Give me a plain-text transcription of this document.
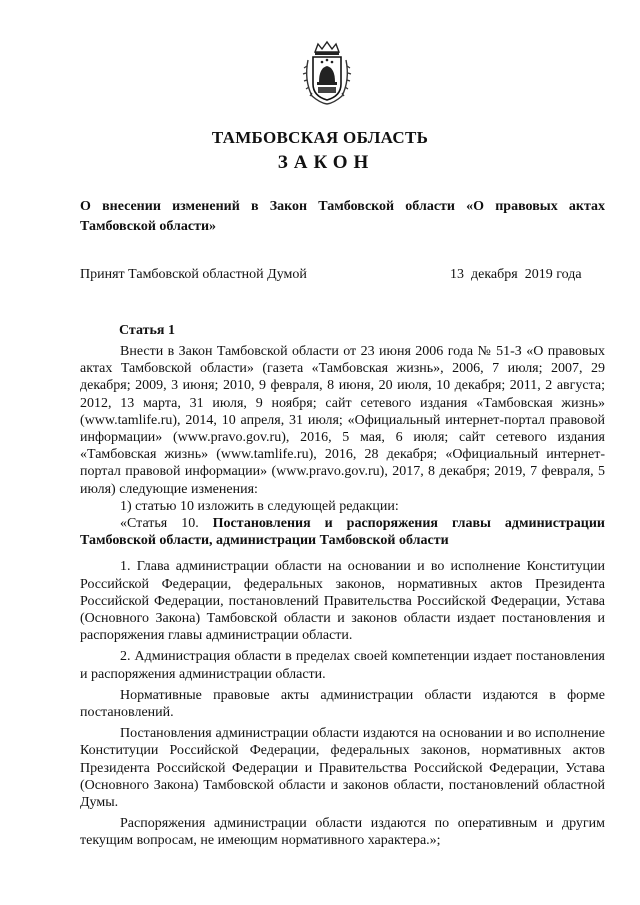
ТАМБОВСКАЯ ОБЛАСТЬ
ЗАКОН
О внесении изменений в Закон Тамбовской области «О правовых актах Тамбовской области»
Принят Тамбовской областной Думой	13  декабря  2019 года
Статья 1

Внести в Закон Тамбовской области от 23 июня 2006 года № 51-З «О правовых актах Тамбовской области» (газета «Тамбовская жизнь», 2006, 7 июля; 2007, 29 декабря; 2009, 3 июня; 2010, 9 февраля, 8 июня, 20 июля, 10 декабря; 2011, 2 августа; 2012, 13 марта, 31 июля, 9 ноября; сайт сетевого издания «Тамбовская жизнь» (www.tamlife.ru), 2014, 10 апреля, 31 июля; «Официальный интернет-портал правовой информации» (www.pravo.gov.ru), 2016, 5 мая, 6 июля; сайт сетевого издания «Тамбовская жизнь» (www.tamlife.ru), 2016, 28 декабря; «Официальный интернет-портал правовой информации» (www.pravo.gov.ru), 2017, 8 декабря; 2019, 7 февраля, 5 июля) следующие изменения:

1) статью 10 изложить в следующей редакции:

«Статья 10. Постановления и распоряжения главы администрации Тамбовской области, администрации Тамбовской области

1. Глава администрации области на основании и во исполнение Конституции Российской Федерации, федеральных законов, нормативных актов Президента Российской Федерации, постановлений Правительства Российской Федерации, Устава (Основного Закона) Тамбовской области и законов области издает постановления и распоряжения главы администрации области.

2. Администрация области в пределах своей компетенции издает постановления и распоряжения администрации области.

Нормативные правовые акты администрации области издаются в форме постановлений.

Постановления администрации области издаются на основании и во исполнение Конституции Российской Федерации, федеральных законов, нормативных актов Президента Российской Федерации и Правительства Российской Федерации, Устава (Основного Закона) Тамбовской области и законов области, постановлений областной Думы.

Распоряжения администрации области издаются по оперативным и другим текущим вопросам, не имеющим нормативного характера.»;
